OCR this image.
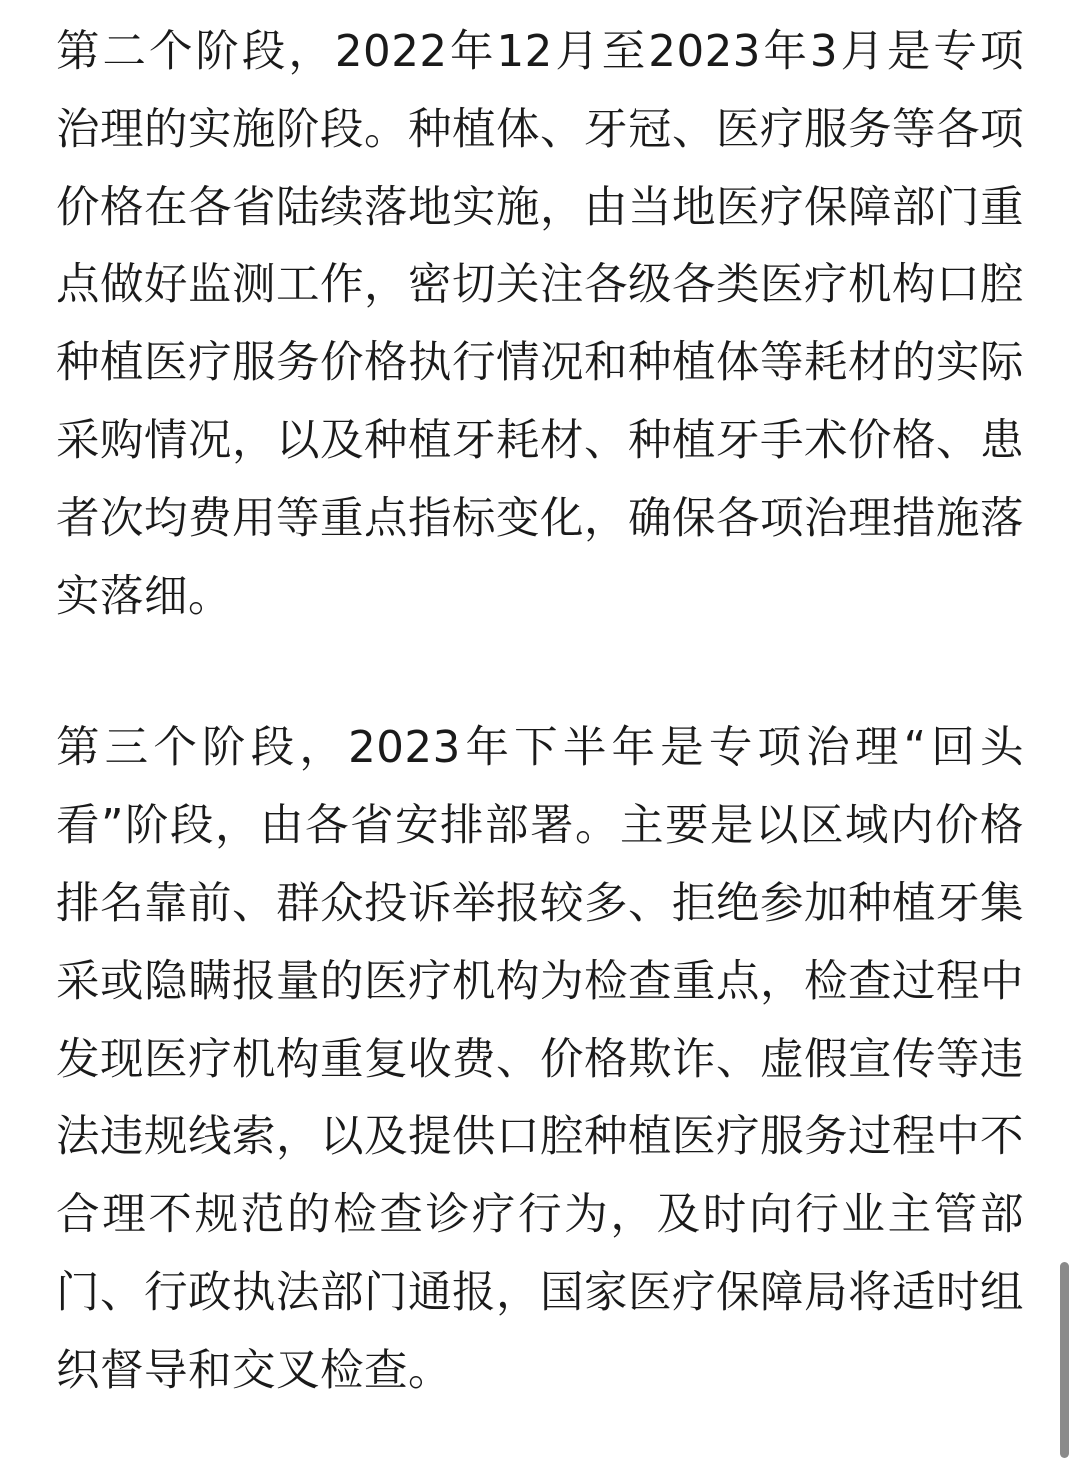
第二个阶段，2022年12月至2023年3月是专项治理的实施阶段。种植体、牙冠、医疗服务等各项价格在各省陆续落地实施，由当地医疗保障部门重点做好监测工作，密切关注各级各类医疗机构口腔种植医疗服务价格执行情况和种植体等耗材的实际采购情况，以及种植牙耗材、种植牙手术价格、患者次均费用等重点指标变化，确保各项治理措施落实落细。

第三个阶段，2023年下半年是专项治理“回头看”阶段，由各省安排部署。主要是以区域内价格排名靠前、群众投诉举报较多、拒绝参加种植牙集采或隐瞒报量的医疗机构为检查重点，检查过程中发现医疗机构重复收费、价格欺诈、虚假宣传等违法违规线索，以及提供口腔种植医疗服务过程中不合理不规范的检查诊疗行为，及时向行业主管部门、行政执法部门通报，国家医疗保障局将适时组织督导和交叉检查。
